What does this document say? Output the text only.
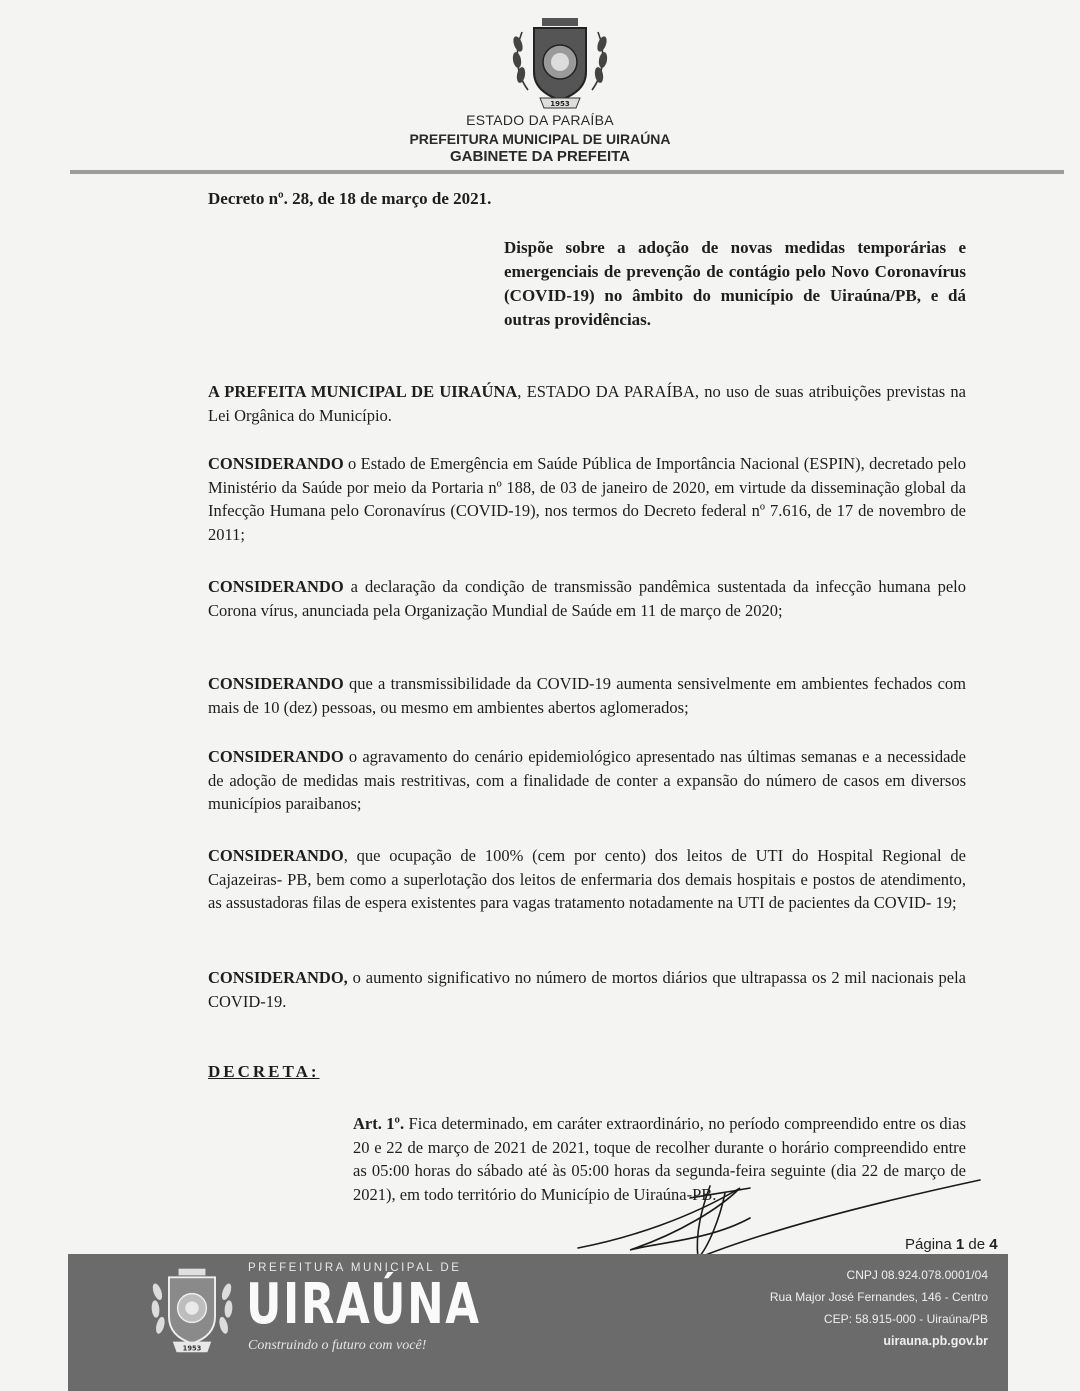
1953
ESTADO DA PARAÍBA
PREFEITURA MUNICIPAL DE UIRAÚNA
GABINETE DA PREFEITA
Decreto nº. 28, de 18 de março de 2021.
Dispõe sobre a adoção de novas medidas temporárias e emergenciais de prevenção de contágio pelo Novo Coronavírus (COVID-19) no âmbito do município de Uiraúna/PB, e dá outras providências.

A PREFEITA MUNICIPAL DE UIRAÚNA, ESTADO DA PARAÍBA, no uso de suas atribuições previstas na Lei Orgânica do Município.

CONSIDERANDO o Estado de Emergência em Saúde Pública de Importância Nacional (ESPIN), decretado pelo Ministério da Saúde por meio da Portaria nº 188, de 03 de janeiro de 2020, em virtude da disseminação global da Infecção Humana pelo Coronavírus (COVID-19), nos termos do Decreto federal nº 7.616, de 17 de novembro de 2011;

CONSIDERANDO a declaração da condição de transmissão pandêmica sustentada da infecção humana pelo Corona vírus, anunciada pela Organização Mundial de Saúde em 11 de março de 2020;

CONSIDERANDO que a transmissibilidade da COVID-19 aumenta sensivelmente em ambientes fechados com mais de 10 (dez) pessoas, ou mesmo em ambientes abertos aglomerados;

CONSIDERANDO o agravamento do cenário epidemiológico apresentado nas últimas semanas e a necessidade de adoção de medidas mais restritivas, com a finalidade de conter a expansão do número de casos em diversos municípios paraibanos;

CONSIDERANDO, que ocupação de 100% (cem por cento) dos leitos de UTI do Hospital Regional de Cajazeiras- PB, bem como a superlotação dos leitos de enfermaria dos demais hospitais e postos de atendimento, as assustadoras filas de espera existentes para vagas tratamento notadamente na UTI de pacientes da COVID- 19;

CONSIDERANDO, o aumento significativo no número de mortos diários que ultrapassa os 2 mil nacionais pela COVID-19.

DECRETA:

Art. 1º. Fica determinado, em caráter extraordinário, no período compreendido entre os dias 20 e 22 de março de 2021 de 2021, toque de recolher durante o horário compreendido entre as 05:00 horas do sábado até às 05:00 horas da segunda-feira seguinte (dia 22 de março de 2021), em todo território do Município de Uiraúna-PB.

Página 1 de 4
1953
PREFEITURA MUNICIPAL DE
UIRAÚNA
Construindo o futuro com você!
CNPJ 08.924.078.0001/04
Rua Major José Fernandes, 146 - Centro
CEP: 58.915-000 - Uiraúna/PB
uirauna.pb.gov.br
